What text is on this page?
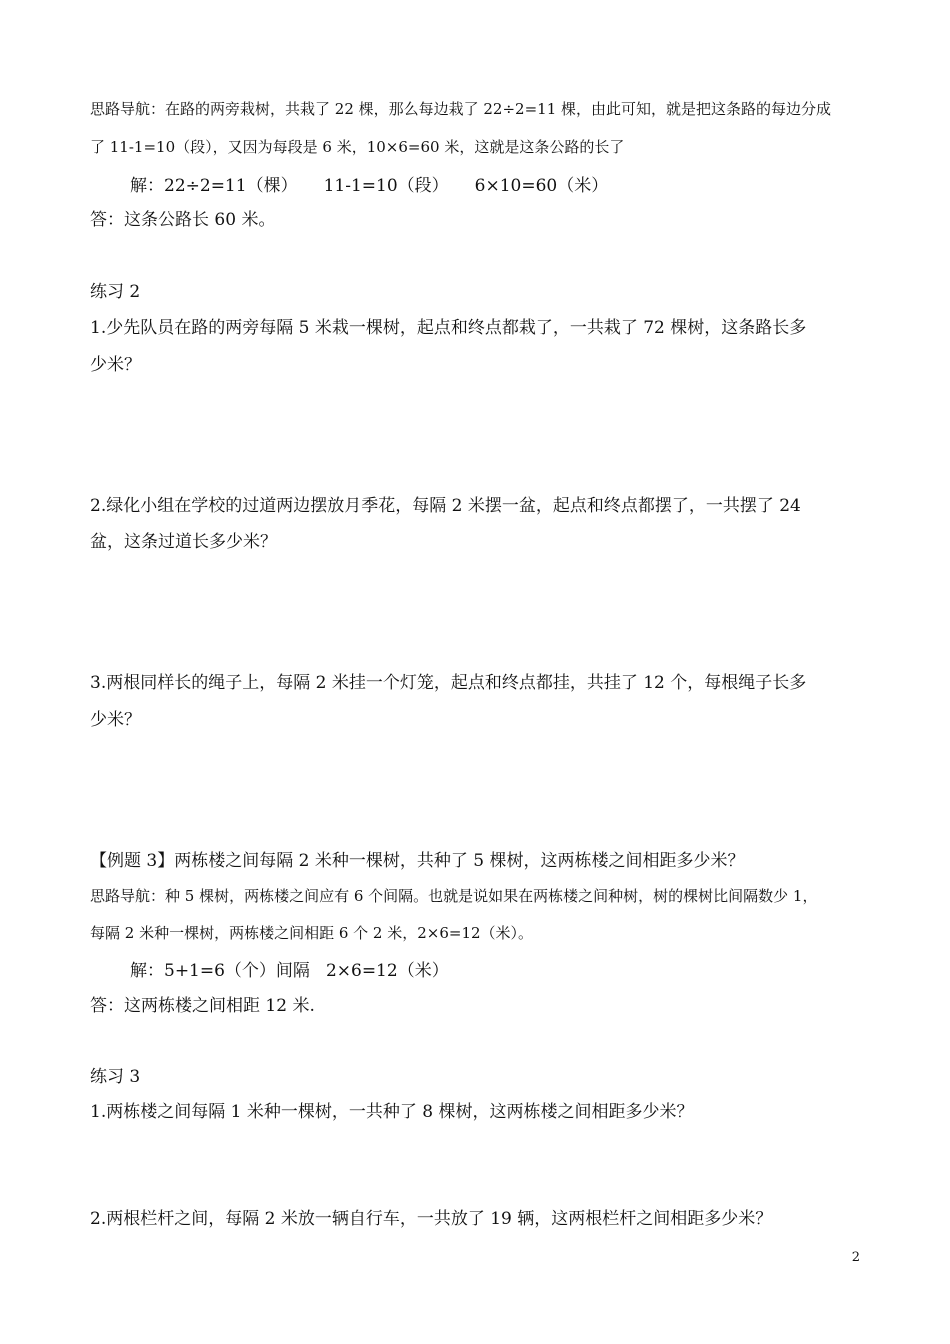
思路导航：在路的两旁栽树，共栽了 22 棵，那么每边栽了 22÷2=11 棵，由此可知，就是把这条路的每边分成

了 11-1=10（段），又因为每段是 6 米，10×6=60 米，这就是这条公路的长了

解：22÷2=11（棵） 11-1=10（段） 6×10=60（米）

答：这条公路长 60 米。

练习 2

1.少先队员在路的两旁每隔 5 米栽一棵树，起点和终点都栽了，一共栽了 72 棵树，这条路长多

少米？

2.绿化小组在学校的过道两边摆放月季花，每隔 2 米摆一盆，起点和终点都摆了，一共摆了 24

盆，这条过道长多少米？

3.两根同样长的绳子上，每隔 2 米挂一个灯笼，起点和终点都挂，共挂了 12 个，每根绳子长多

少米？

【例题 3】两栋楼之间每隔 2 米种一棵树，共种了 5 棵树，这两栋楼之间相距多少米？

思路导航：种 5 棵树，两栋楼之间应有 6 个间隔。也就是说如果在两栋楼之间种树，树的棵树比间隔数少 1，

每隔 2 米种一棵树，两栋楼之间相距 6 个 2 米，2×6=12（米）。

解：5+1=6（个）间隔 2×6=12（米）

答：这两栋楼之间相距 12 米.

练习 3

1.两栋楼之间每隔 1 米种一棵树，一共种了 8 棵树，这两栋楼之间相距多少米？

2.两根栏杆之间，每隔 2 米放一辆自行车，一共放了 19 辆，这两根栏杆之间相距多少米？

2
